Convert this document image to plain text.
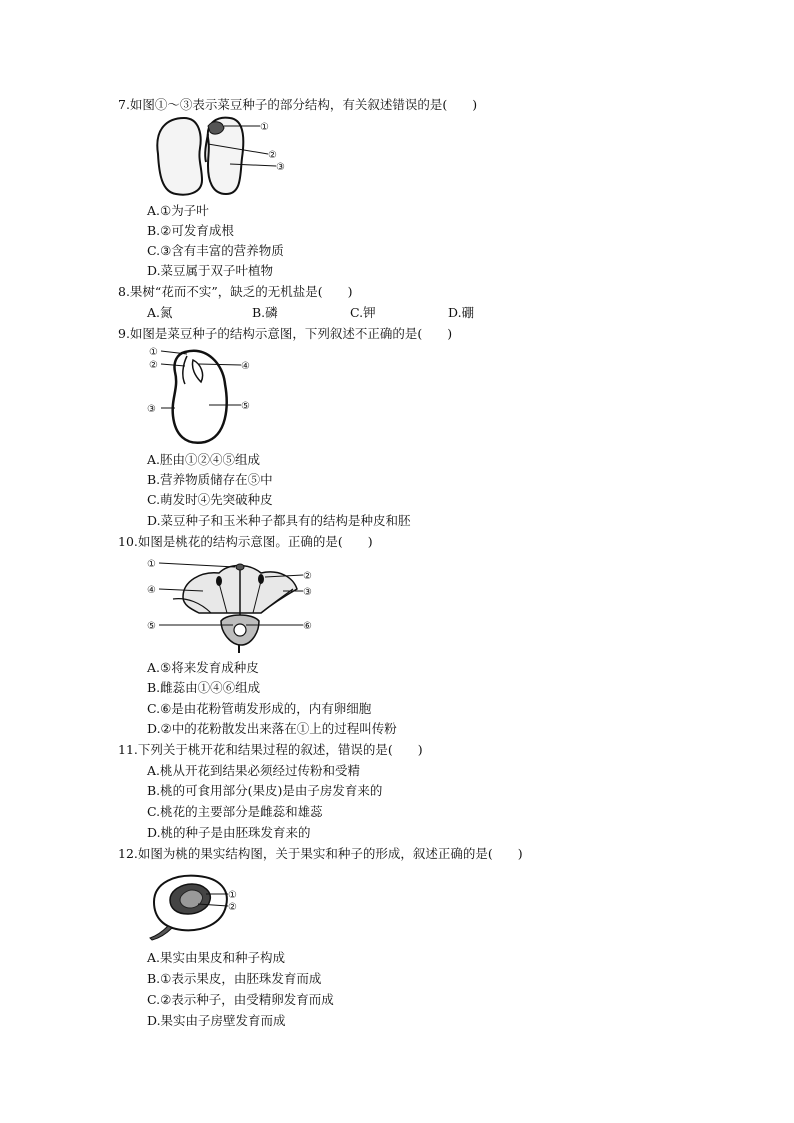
7.如图①～③表示菜豆种子的部分结构，有关叙述错误的是(　　)
①
②
③
A.①为子叶
B.②可发育成根
C.③含有丰富的营养物质
D.菜豆属于双子叶植物
8.果树“花而不实”，缺乏的无机盐是(　　)
A.氮	B.磷	C.钾	D.硼
9.如图是菜豆种子的结构示意图，下列叙述不正确的是(　　)
①
②
③
④
⑤
A.胚由①②④⑤组成
B.营养物质储存在⑤中
C.萌发时④先突破种皮
D.菜豆种子和玉米种子都具有的结构是种皮和胚
10.如图是桃花的结构示意图。正确的是(　　)
①
②
③
④
⑤	⑥
A.⑤将来发育成种皮
B.雌蕊由①④⑥组成
C.⑥是由花粉管萌发形成的，内有卵细胞
D.②中的花粉散发出来落在①上的过程叫传粉
11.下列关于桃开花和结果过程的叙述，错误的是(　　)
A.桃从开花到结果必须经过传粉和受精
B.桃的可食用部分(果皮)是由子房发育来的
C.桃花的主要部分是雌蕊和雄蕊
D.桃的种子是由胚珠发育来的
12.如图为桃的果实结构图，关于果实和种子的形成，叙述正确的是(　　)
①
②
A.果实由果皮和种子构成
B.①表示果皮，由胚珠发育而成
C.②表示种子，由受精卵发育而成
D.果实由子房壁发育而成
